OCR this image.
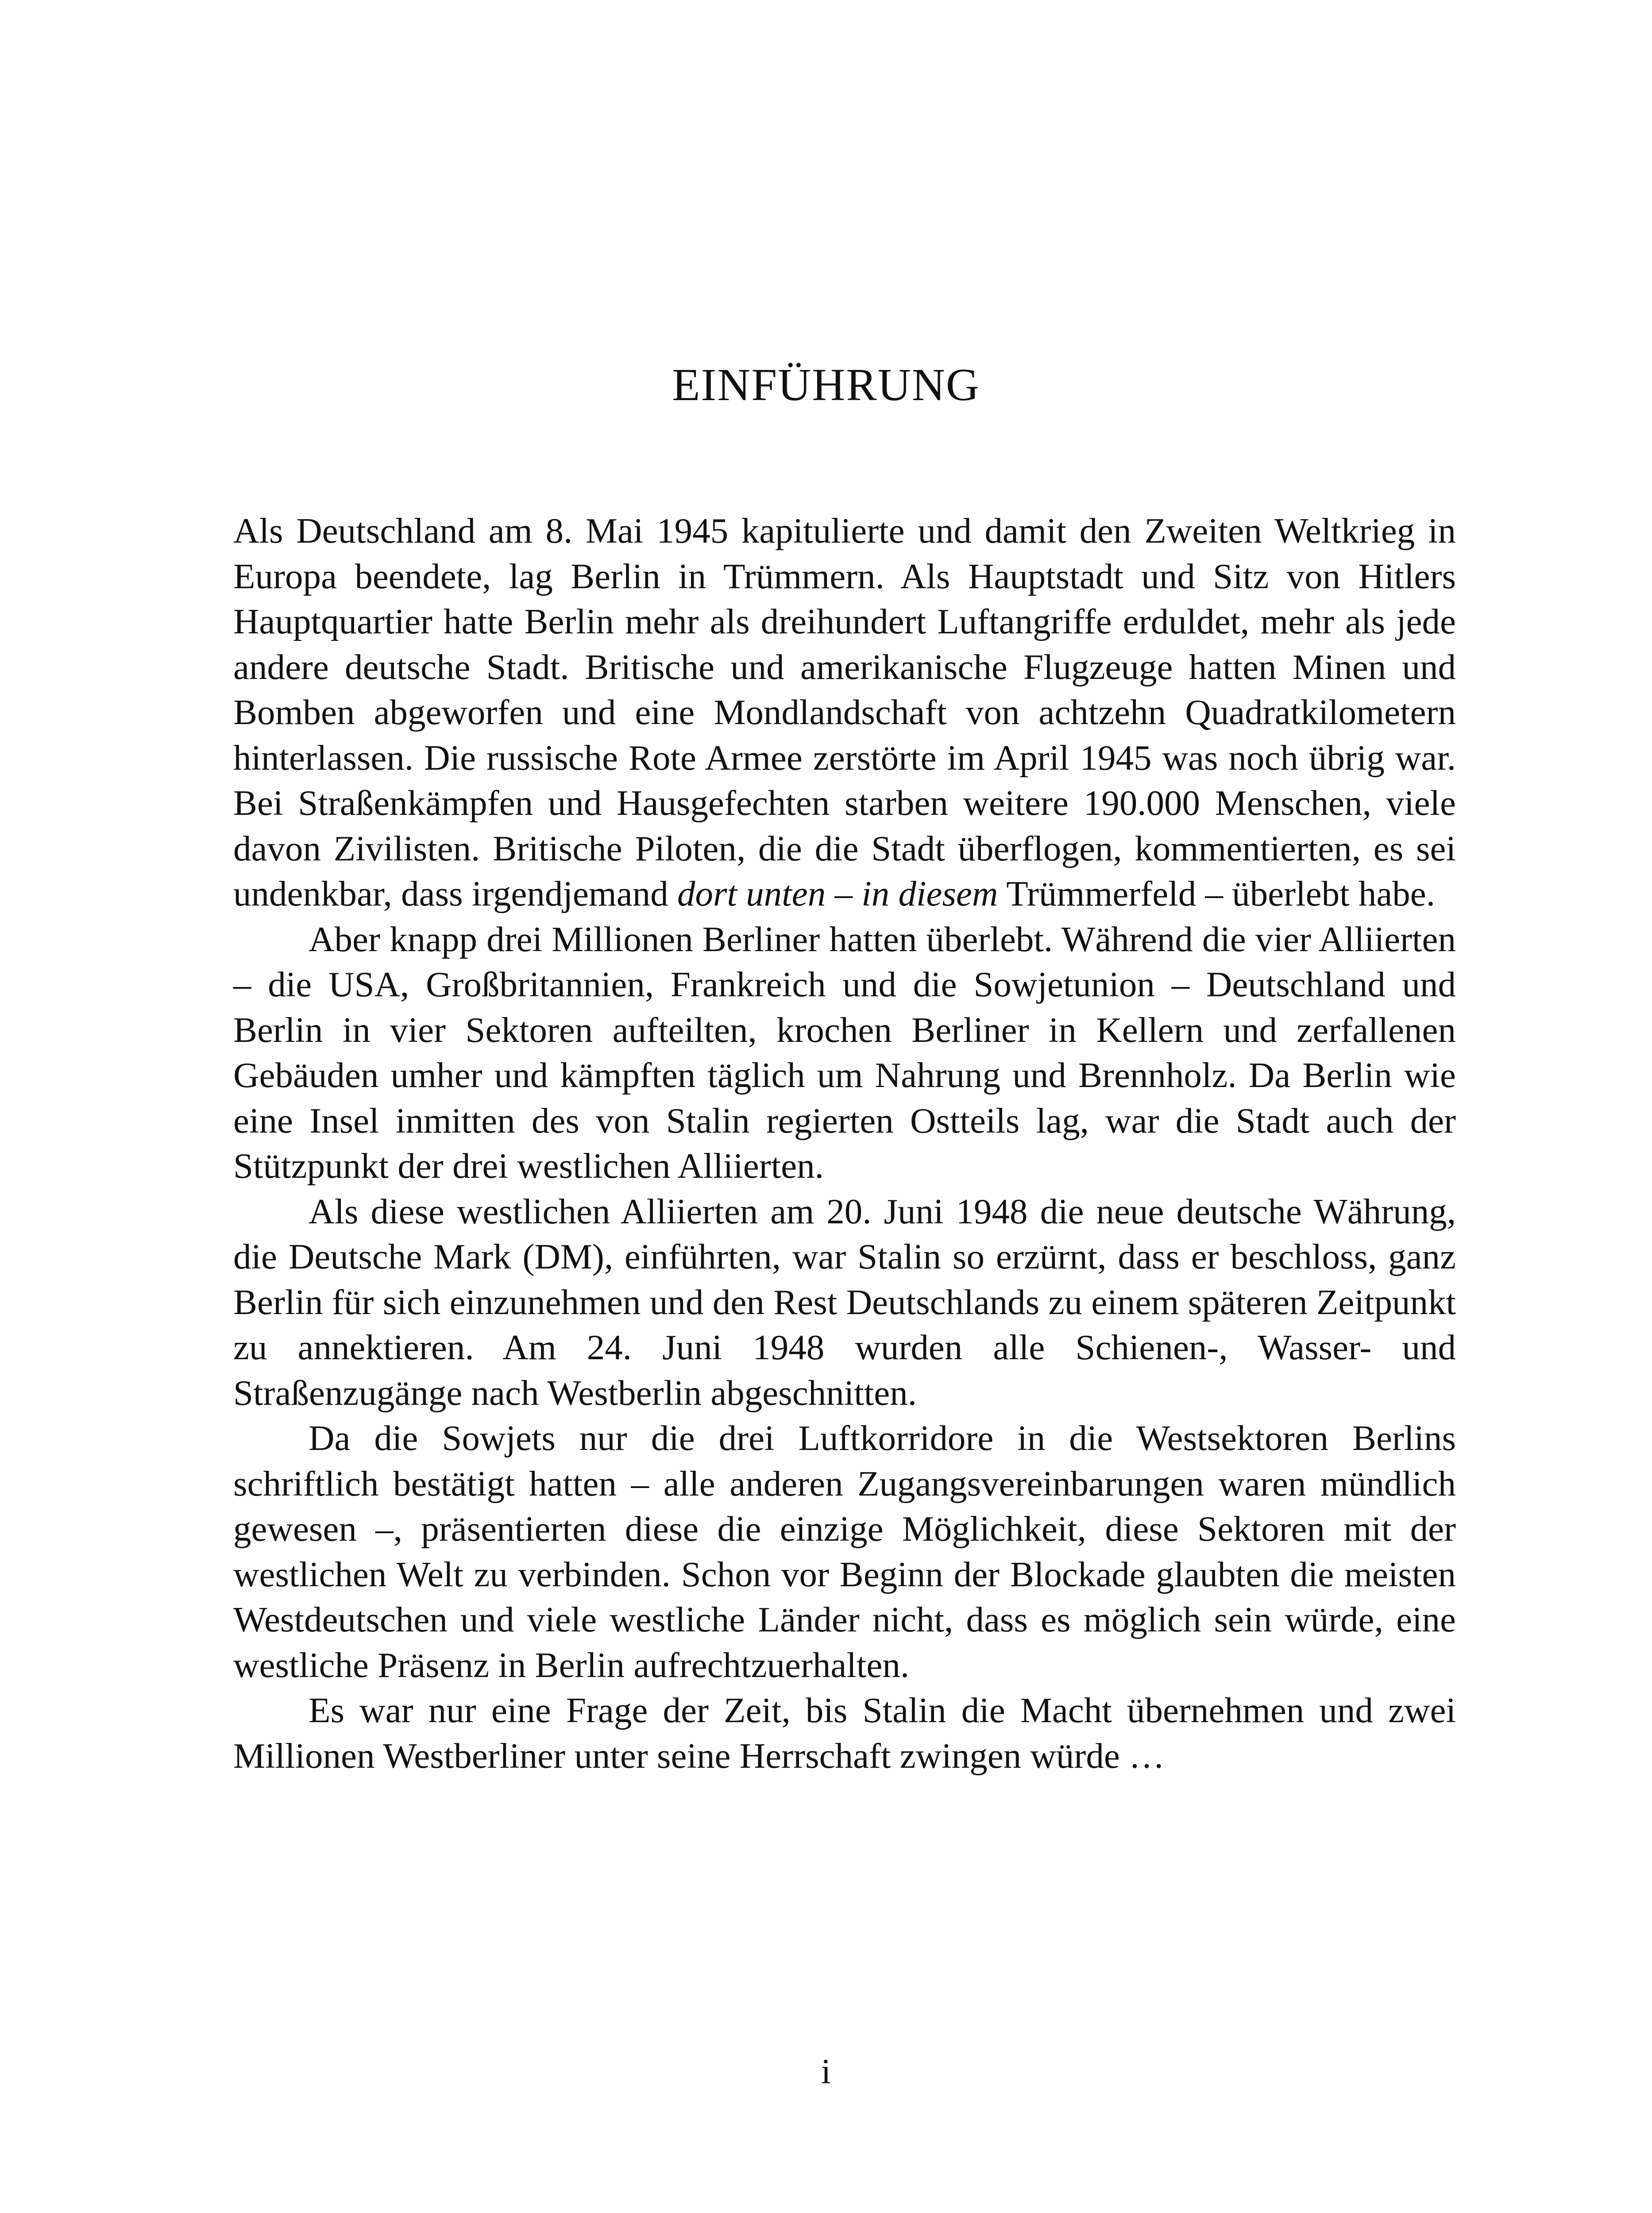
EINFÜHRUNG

Als Deutschland am 8. Mai 1945 kapitulierte und damit den Zweiten Weltkrieg in Europa beendete, lag Berlin in Trümmern. Als Hauptstadt und Sitz von Hitlers Hauptquartier hatte Berlin mehr als dreihundert Luftangriffe erduldet, mehr als jede andere deutsche Stadt. Britische und amerikanische Flugzeuge hatten Minen und Bomben abgeworfen und eine Mondlandschaft von achtzehn Quadratkilometern hinterlassen. Die russische Rote Armee zerstörte im April 1945 was noch übrig war. Bei Straßenkämpfen und Hausgefechten starben weitere 190.000 Menschen, viele davon Zivilisten. Britische Piloten, die die Stadt überflogen, kommentierten, es sei undenkbar, dass irgendjemand dort unten – in diesem Trümmerfeld – überlebt habe.

Aber knapp drei Millionen Berliner hatten überlebt. Während die vier Alliierten – die USA, Großbritannien, Frankreich und die Sowjetunion – Deutschland und Berlin in vier Sektoren aufteilten, krochen Berliner in Kellern und zerfallenen Gebäuden umher und kämpften täglich um Nahrung und Brennholz. Da Berlin wie eine Insel inmitten des von Stalin regierten Ostteils lag, war die Stadt auch der Stützpunkt der drei westlichen Alliierten.

Als diese westlichen Alliierten am 20. Juni 1948 die neue deutsche Währung, die Deutsche Mark (DM), einführten, war Stalin so erzürnt, dass er beschloss, ganz Berlin für sich einzunehmen und den Rest Deutschlands zu einem späteren Zeitpunkt zu annektieren. Am 24. Juni 1948 wurden alle Schienen-, Wasser- und Straßenzugänge nach Westberlin abgeschnitten.

Da die Sowjets nur die drei Luftkorridore in die Westsektoren Berlins schriftlich bestätigt hatten – alle anderen Zugangsvereinbarungen waren mündlich gewesen –, präsentierten diese die einzige Möglichkeit, diese Sektoren mit der westlichen Welt zu verbinden. Schon vor Beginn der Blockade glaubten die meisten Westdeutschen und viele westliche Länder nicht, dass es möglich sein würde, eine westliche Präsenz in Berlin aufrechtzuerhalten.

Es war nur eine Frage der Zeit, bis Stalin die Macht übernehmen und zwei Millionen Westberliner unter seine Herrschaft zwingen würde …

i
